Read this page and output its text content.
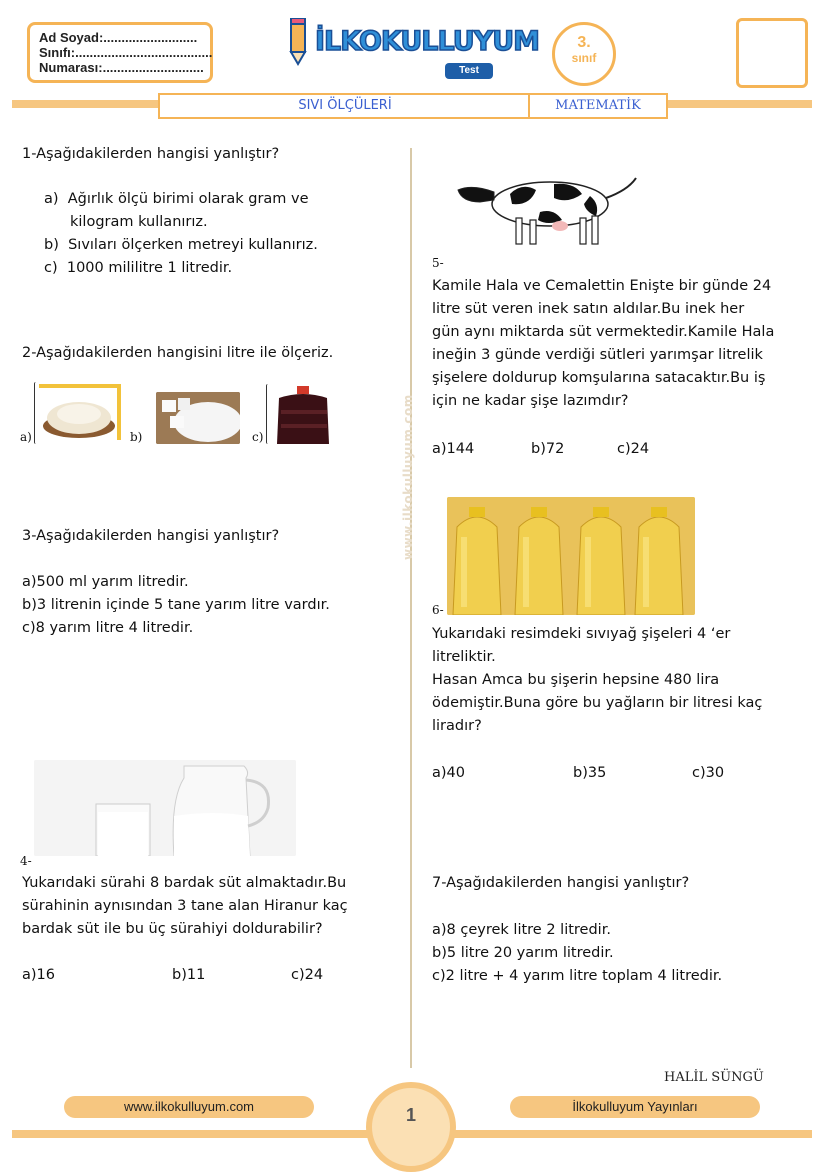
Ad Soyad:..........................
Sınıfı:......................................
Numarası:............................
İLKOKULLUYUM
Test
3.
sınıf
SIVI ÖLÇÜLERİ	MATEMATİK
www.ilkokulluyum.com
1-Aşağıdakilerden hangisi yanlıştır?
a) Ağırlık ölçü birimi olarak gram ve
kilogram kullanırız.
b) Sıvıları ölçerken metreyi kullanırız.
c) 1000 mililitre 1 litredir.
2-Aşağıdakilerden hangisini litre ile ölçeriz.
a)	b)	c)
3-Aşağıdakilerden hangisi yanlıştır?
a)500 ml yarım litredir.
b)3 litrenin içinde 5 tane yarım litre vardır.
c)8 yarım litre 4 litredir.
4-
Yukarıdaki sürahi 8 bardak süt almaktadır.Bu
sürahinin aynısından 3 tane alan Hiranur kaç
bardak süt ile bu üç sürahiyi doldurabilir?
a)16	b)11	c)24
5-
Kamile Hala ve Cemalettin Enişte bir günde 24
litre süt veren inek satın aldılar.Bu inek her
gün aynı miktarda süt vermektedir.Kamile Hala
ineğin 3 günde verdiği sütleri yarımşar litrelik
şişelere doldurup komşularına satacaktır.Bu iş
için ne kadar şişe lazımdır?
a)144	b)72	c)24
6-
Yukarıdaki resimdeki sıvıyağ şişeleri 4 ‘er
litreliktir.
Hasan Amca bu şişerin hepsine 480 lira
ödemiştir.Buna göre bu yağların bir litresi kaç
liradır?
a)40	b)35	c)30
7-Aşağıdakilerden hangisi yanlıştır?
a)8 çeyrek litre 2 litredir.
b)5 litre 20 yarım litredir.
c)2 litre + 4 yarım litre toplam 4 litredir.
HALİL SÜNGÜ
1
www.ilkokulluyum.com	İlkokulluyum Yayınları
